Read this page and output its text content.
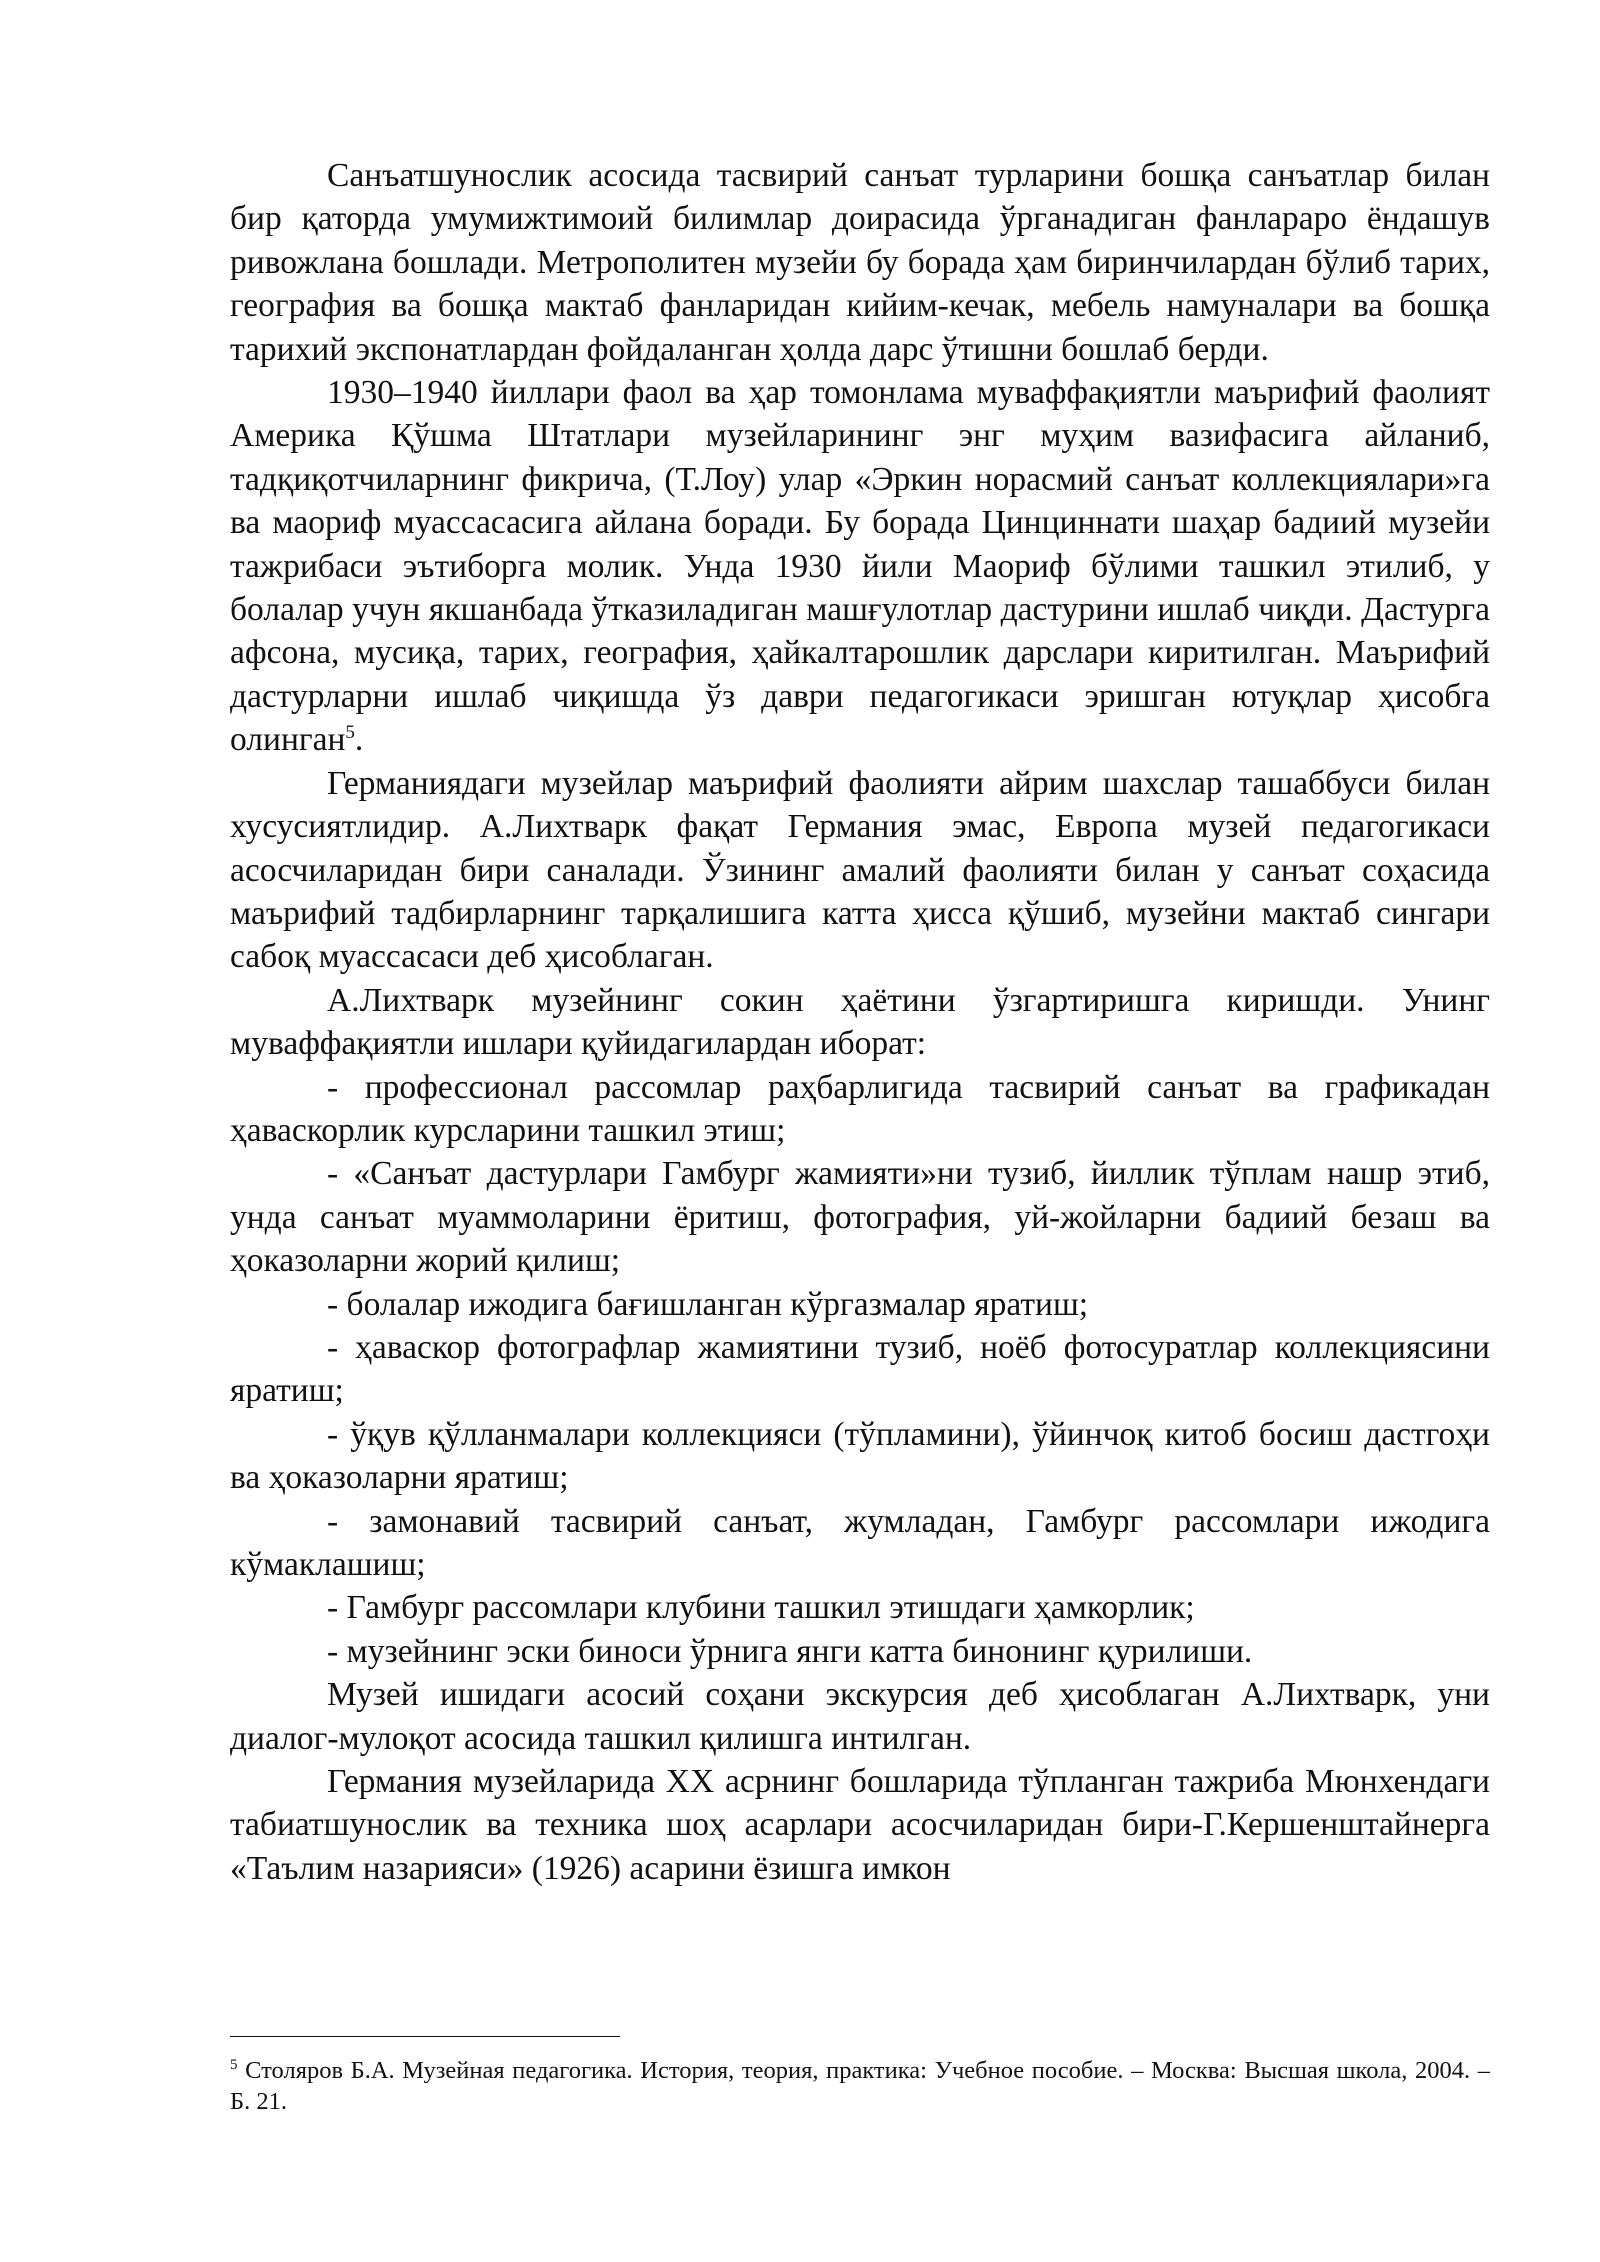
Санъатшунослик асосида тасвирий санъат турларини бошқа санъатлар билан бир қаторда умумижтимоий билимлар доирасида ўрганадиган фанлараро ёндашув ривожлана бошлади. Метрополитен музейи бу борада ҳам биринчилардан бўлиб тарих, география ва бошқа мактаб фанларидан кийим-кечак, мебель намуналари ва бошқа тарихий экспонатлардан фойдаланган ҳолда дарс ўтишни бошлаб берди.

1930–1940 йиллари фаол ва ҳар томонлама муваффақиятли маърифий фаолият Америка Қўшма Штатлари музейларининг энг муҳим вазифасига айланиб, тадқиқотчиларнинг фикрича, (Т.Лоу) улар «Эркин норасмий санъат коллекциялари»га ва маориф муассасасига айлана боради. Бу борада Цинциннати шаҳар бадиий музейи тажрибаси эътиборга молик. Унда 1930 йили Маориф бўлими ташкил этилиб, у болалар учун якшанбада ўтказиладиган машғулотлар дастурини ишлаб чиқди. Дастурга афсона, мусиқа, тарих, география, ҳайкалтарошлик дарслари киритилган. Маърифий дастурларни ишлаб чиқишда ўз даври педагогикаси эришган ютуқлар ҳисобга олинган$^5$.

Германиядаги музейлар маърифий фаолияти айрим шахслар ташаббуси билан хусусиятлидир. А.Лихтварк фақат Германия эмас, Европа музей педагогикаси асосчиларидан бири саналади. Ўзининг амалий фаолияти билан у санъат соҳасида маърифий тадбирларнинг тарқалишига катта ҳисса қўшиб, музейни мактаб сингари сабоқ муассасаси деб ҳисоблаган.

А.Лихтварк музейнинг сокин ҳаётини ўзгартиришга киришди. Унинг муваффақиятли ишлари қуйидагилардан иборат:

- профессионал рассомлар раҳбарлигида тасвирий санъат ва графикадан ҳаваскорлик курсларини ташкил этиш;

- «Санъат дастурлари Гамбург жамияти»ни тузиб, йиллик тўплам нашр этиб, унда санъат муаммоларини ёритиш, фотография, уй-жойларни бадиий безаш ва ҳоказоларни жорий қилиш;

- болалар ижодига бағишланган кўргазмалар яратиш;

- ҳаваскор фотографлар жамиятини тузиб, ноёб фотосуратлар коллекциясини яратиш;

- ўқув қўлланмалари коллекцияси (тўпламини), ўйинчоқ китоб босиш дастгоҳи ва ҳоказоларни яратиш;

- замонавий тасвирий санъат, жумладан, Гамбург рассомлари ижодига кўмаклашиш;

- Гамбург рассомлари клубини ташкил этишдаги ҳамкорлик;

- музейнинг эски биноси ўрнига янги катта бинонинг қурилиши.

Музей ишидаги асосий соҳани экскурсия деб ҳисоблаган А.Лихтварк, уни диалог-мулоқот асосида ташкил қилишга интилган.

Германия музейларида XX асрнинг бошларида тўпланган тажриба Мюнхендаги табиатшунослик ва техника шоҳ асарлари асосчиларидан бири-Г.Кершенштайнерга «Таълим назарияси» (1926) асарини ёзишга имкон

$^5$ Столяров Б.А. Музейная педагогика. История, теория, практика: Учебное пособие. – Москва: Высшая школа, 2004. – Б. 21.
